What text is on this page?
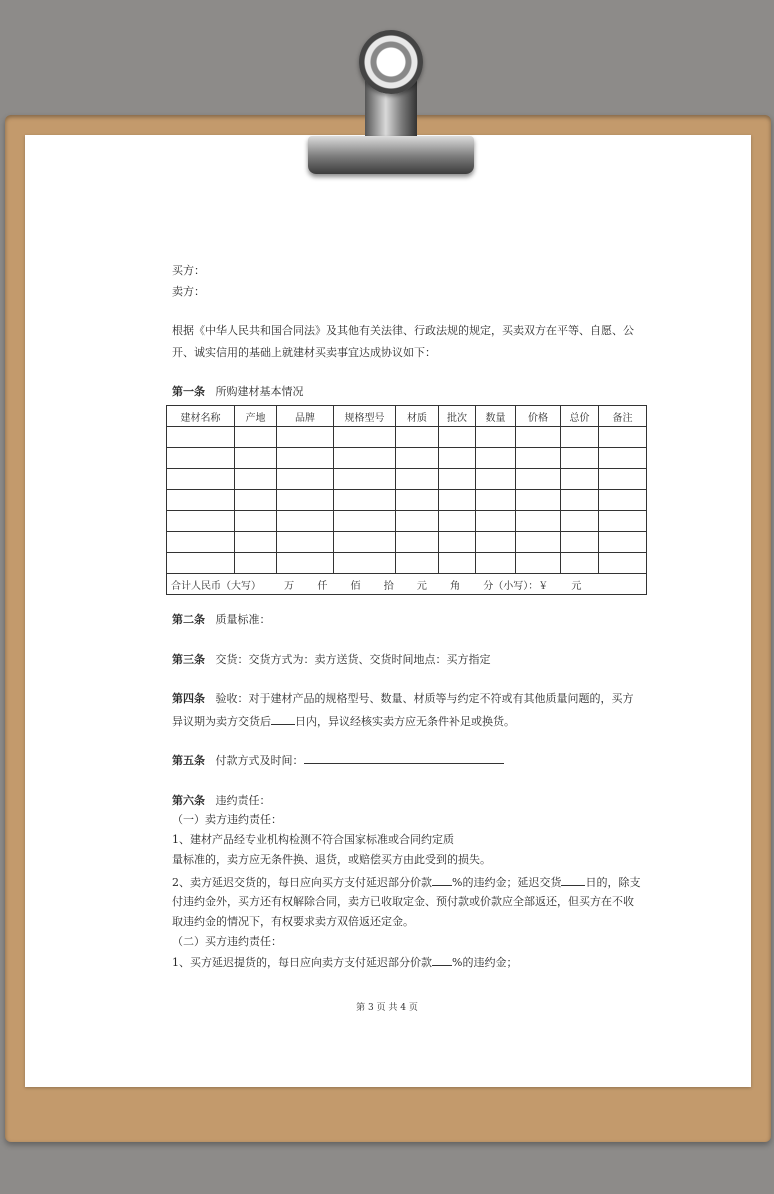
买方：
卖方：
根据《中华人民共和国合同法》及其他有关法律、行政法规的规定，买卖双方在平等、自愿、公
开、诚实信用的基础上就建材买卖事宜达成协议如下：
第一条 所购建材基本情况
建材名称	产地	品牌	规格型号	材质	批次	数量	价格	总价	备注

合计人民币（大写） 万 仟 佰 拾 元 角 分（小写）：￥ 元									
第二条 质量标准：
第三条 交货：交货方式为：卖方送货、交货时间地点：买方指定
第四条 验收：对于建材产品的规格型号、数量、材质等与约定不符或有其他质量问题的，买方
异议期为卖方交货后 日内，异议经核实卖方应无条件补足或换货。
第五条 付款方式及时间：
第六条 违约责任：
（一）卖方违约责任：
1、建材产品经专业机构检测不符合国家标准或合同约定质
量标准的，卖方应无条件换、退货，或赔偿买方由此受到的损失。
2、卖方延迟交货的，每日应向买方支付延迟部分价款 %的违约金；延迟交货 日的，除支
付违约金外，买方还有权解除合同，卖方已收取定金、预付款或价款应全部返还，但买方在不收
取违约金的情况下，有权要求卖方双倍返还定金。
（二）买方违约责任：
1、买方延迟提货的，每日应向卖方支付延迟部分价款 %的违约金；
第 3 页 共 4 页
